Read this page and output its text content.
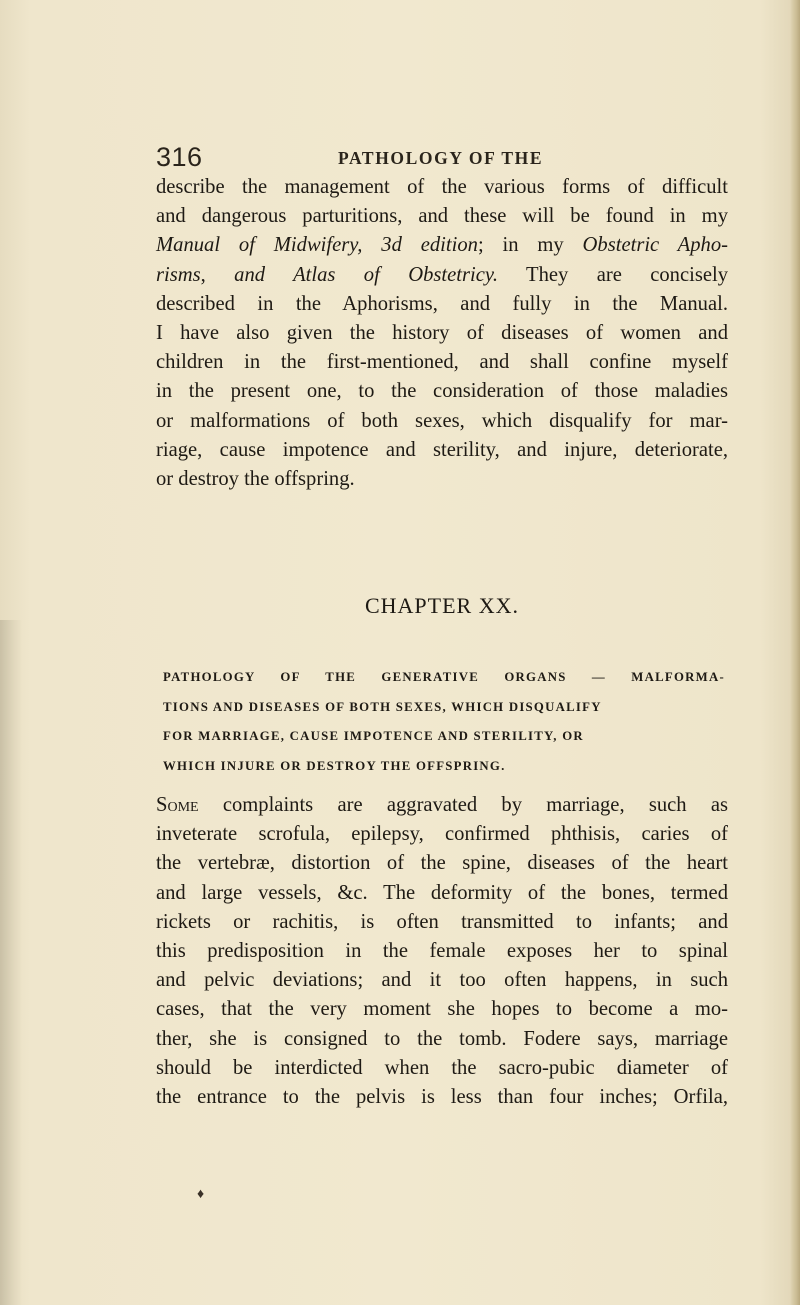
316	PATHOLOGY OF THE
describe the management of the various forms of difficult
and dangerous parturitions, and these will be found in my
Manual of Midwifery, 3d edition; in my Obstetric Apho-
risms, and Atlas of Obstetricy. They are concisely
described in the Aphorisms, and fully in the Manual.
I have also given the history of diseases of women and
children in the first-mentioned, and shall confine myself
in the present one, to the consideration of those maladies
or malformations of both sexes, which disqualify for mar-
riage, cause impotence and sterility, and injure, deteriorate,
or destroy the offspring.
CHAPTER XX.
PATHOLOGY OF THE GENERATIVE ORGANS — MALFORMA-
TIONS AND DISEASES OF BOTH SEXES, WHICH DISQUALIFY
FOR MARRIAGE, CAUSE IMPOTENCE AND STERILITY, OR
WHICH INJURE OR DESTROY THE OFFSPRING.
Some complaints are aggravated by marriage, such as
inveterate scrofula, epilepsy, confirmed phthisis, caries of
the vertebræ, distortion of the spine, diseases of the heart
and large vessels, &c. The deformity of the bones, termed
rickets or rachitis, is often transmitted to infants; and
this predisposition in the female exposes her to spinal
and pelvic deviations; and it too often happens, in such
cases, that the very moment she hopes to become a mo-
ther, she is consigned to the tomb. Fodere says, marriage
should be interdicted when the sacro-pubic diameter of
the entrance to the pelvis is less than four inches; Orfila,
♦
